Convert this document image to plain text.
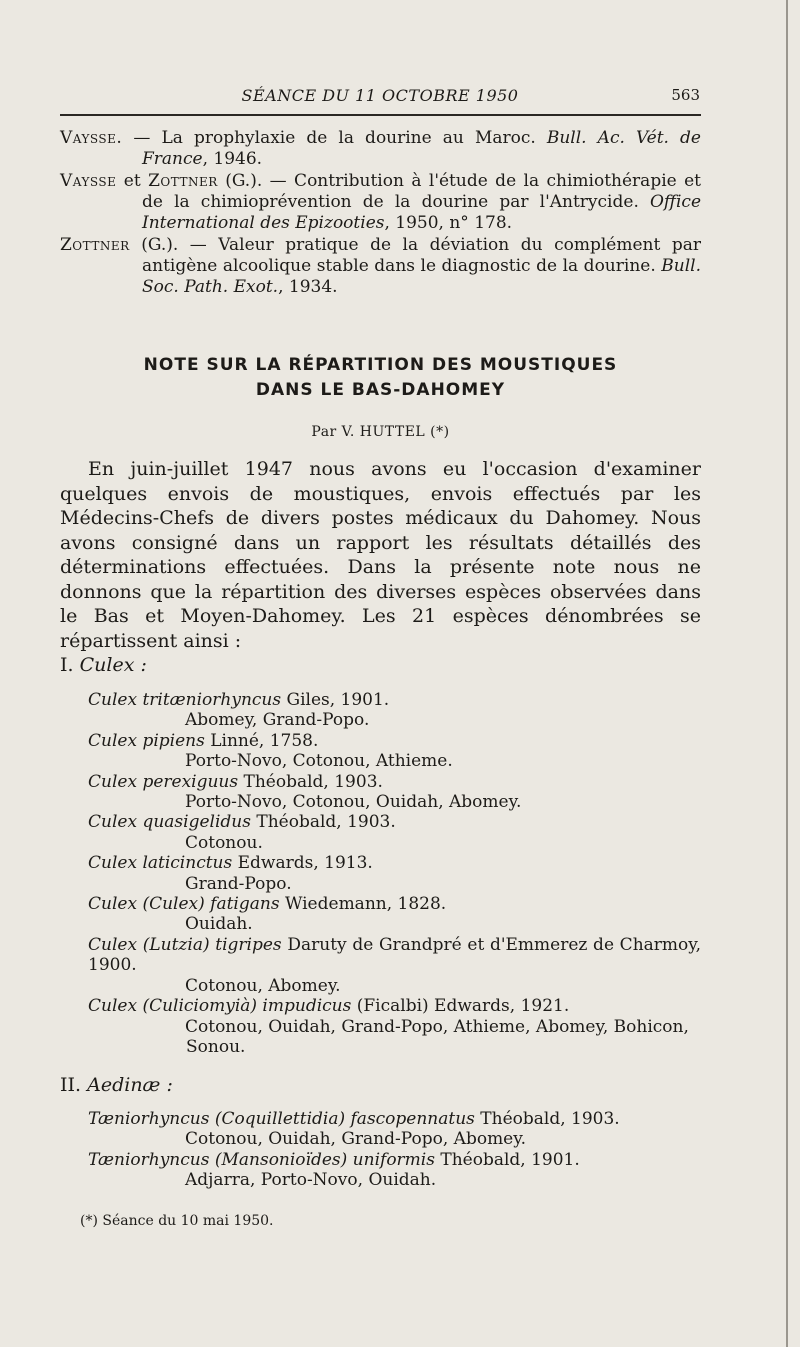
SÉANCE DU 11 OCTOBRE 1950	563

Vaysse. — La prophylaxie de la dourine au Maroc. Bull. Ac. Vét. de France, 1946.

Vaysse et Zottner (G.). — Contribution à l'étude de la chimiothérapie et de la chimioprévention de la dourine par l'Antrycide. Office International des Epizooties, 1950, n° 178.

Zottner (G.). — Valeur pratique de la déviation du complément par antigène alcoolique stable dans le diagnostic de la dourine. Bull. Soc. Path. Exot., 1934.

NOTE SUR LA RÉPARTITION DES MOUSTIQUES
DANS LE BAS-DAHOMEY
Par V. HUTTEL (*)

En juin-juillet 1947 nous avons eu l'occasion d'examiner quelques envois de moustiques, envois effectués par les Médecins-Chefs de divers postes médicaux du Dahomey. Nous avons consigné dans un rapport les résultats détaillés des déterminations effectuées. Dans la présente note nous ne donnons que la répartition des diverses espèces observées dans le Bas et Moyen-Dahomey. Les 21 espèces dénombrées se répartissent ainsi :

I. Culex :

Culex tritæniorhyncus Giles, 1901.

Abomey, Grand-Popo.

Culex pipiens Linné, 1758.

Porto-Novo, Cotonou, Athieme.

Culex perexiguus Théobald, 1903.

Porto-Novo, Cotonou, Ouidah, Abomey.

Culex quasigelidus Théobald, 1903.

Cotonou.

Culex laticinctus Edwards, 1913.

Grand-Popo.

Culex (Culex) fatigans Wiedemann, 1828.

Ouidah.

Culex (Lutzia) tigripes Daruty de Grandpré et d'Emmerez de Charmoy, 1900.

Cotonou, Abomey.

Culex (Culiciomyià) impudicus (Ficalbi) Edwards, 1921.

Cotonou, Ouidah, Grand-Popo, Athieme, Abomey, Bohicon, Sonou.

II. Aedinæ :

Tæniorhyncus (Coquillettidia) fascopennatus Théobald, 1903.

Cotonou, Ouidah, Grand-Popo, Abomey.

Tæniorhyncus (Mansonioïdes) uniformis Théobald, 1901.

Adjarra, Porto-Novo, Ouidah.

(*) Séance du 10 mai 1950.
